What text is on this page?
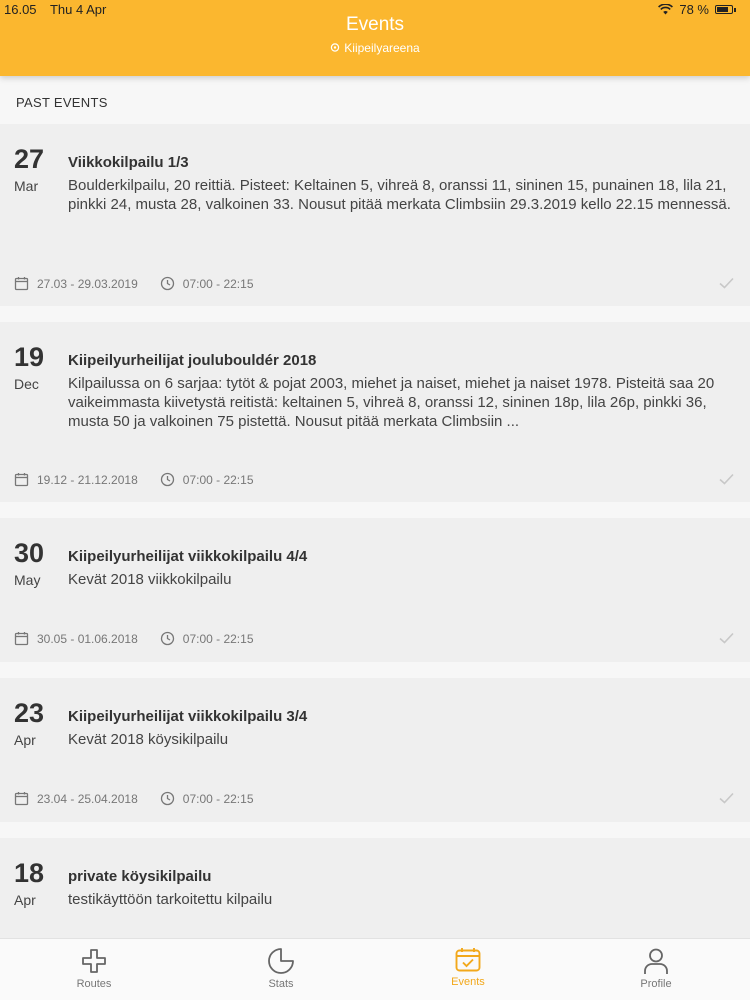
16.05 Thu 4 Apr	78 %
Events
Kiipeilyareena
PAST EVENTS
27
Mar
Viikkokilpailu 1/3
Boulderkilpailu, 20 reittiä. Pisteet: Keltainen 5, vihreä 8, oranssi 11, sininen 15, punainen 18, lila 21, pinkki 24, musta 28, valkoinen 33. Nousut pitää merkata Climbsiin 29.3.2019 kello 22.15 mennessä.
27.03 - 29.03.2019	07:00 - 22:15
19
Dec
Kiipeilyurheilijat joulubouldér 2018
Kilpailussa on 6 sarjaa: tytöt & pojat 2003, miehet ja naiset, miehet ja naiset 1978. Pisteitä saa 20 vaikeimmasta kiivetystä reitistä: keltainen 5, vihreä 8, oranssi 12, sininen 18p, lila 26p, pinkki 36, musta 50 ja valkoinen 75 pistettä. Nousut pitää merkata Climbsiin ...
19.12 - 21.12.2018	07:00 - 22:15
30
May
Kiipeilyurheilijat viikkokilpailu 4/4
Kevät 2018 viikkokilpailu
30.05 - 01.06.2018	07:00 - 22:15
23
Apr
Kiipeilyurheilijat viikkokilpailu 3/4
Kevät 2018 köysikilpailu
23.04 - 25.04.2018	07:00 - 22:15
18
Apr
private köysikilpailu
testikäyttöön tarkoitettu kilpailu
Routes	Stats	Events	Profile
